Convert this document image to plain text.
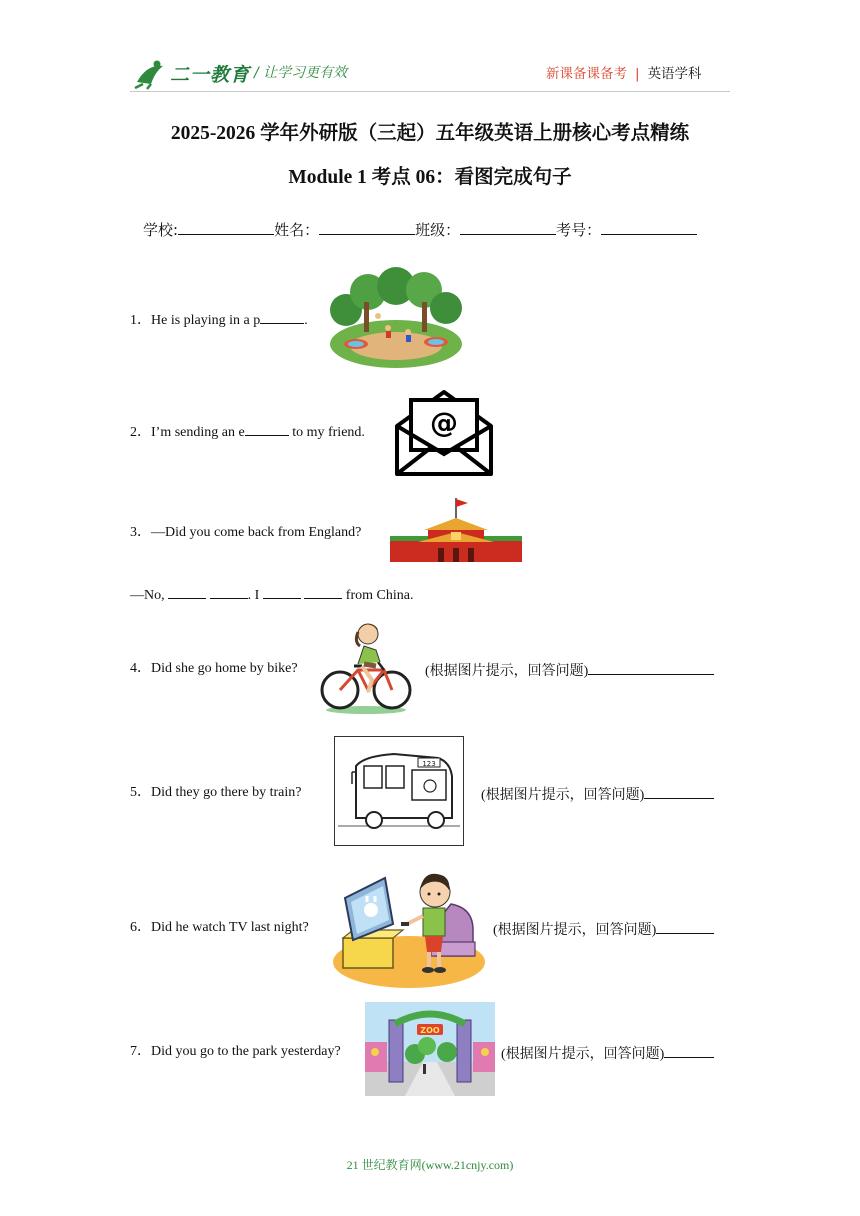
二一教育 / 让学习更有效	新课备课备考 | 英语学科
2025-2026 学年外研版（三起）五年级英语上册核心考点精练
Module 1 考点 06：看图完成句子
学校:	姓名：	班级：	考号：
1．He is playing in a p	.
2．I’m sending an e	to my friend. @
3．—Did you come back from England?
—No,	. I	from China.
4．Did she go home by bike?	(根据图片提示，回答问题)
5．Did they go there by train?
123
(根据图片提示，回答问题)
6．Did he watch TV last night?	(根据图片提示，回答问题)
7．Did you go to the park yesterday?
ZOO
(根据图片提示，回答问题)
21 世纪教育网(www.21cnjy.com)
